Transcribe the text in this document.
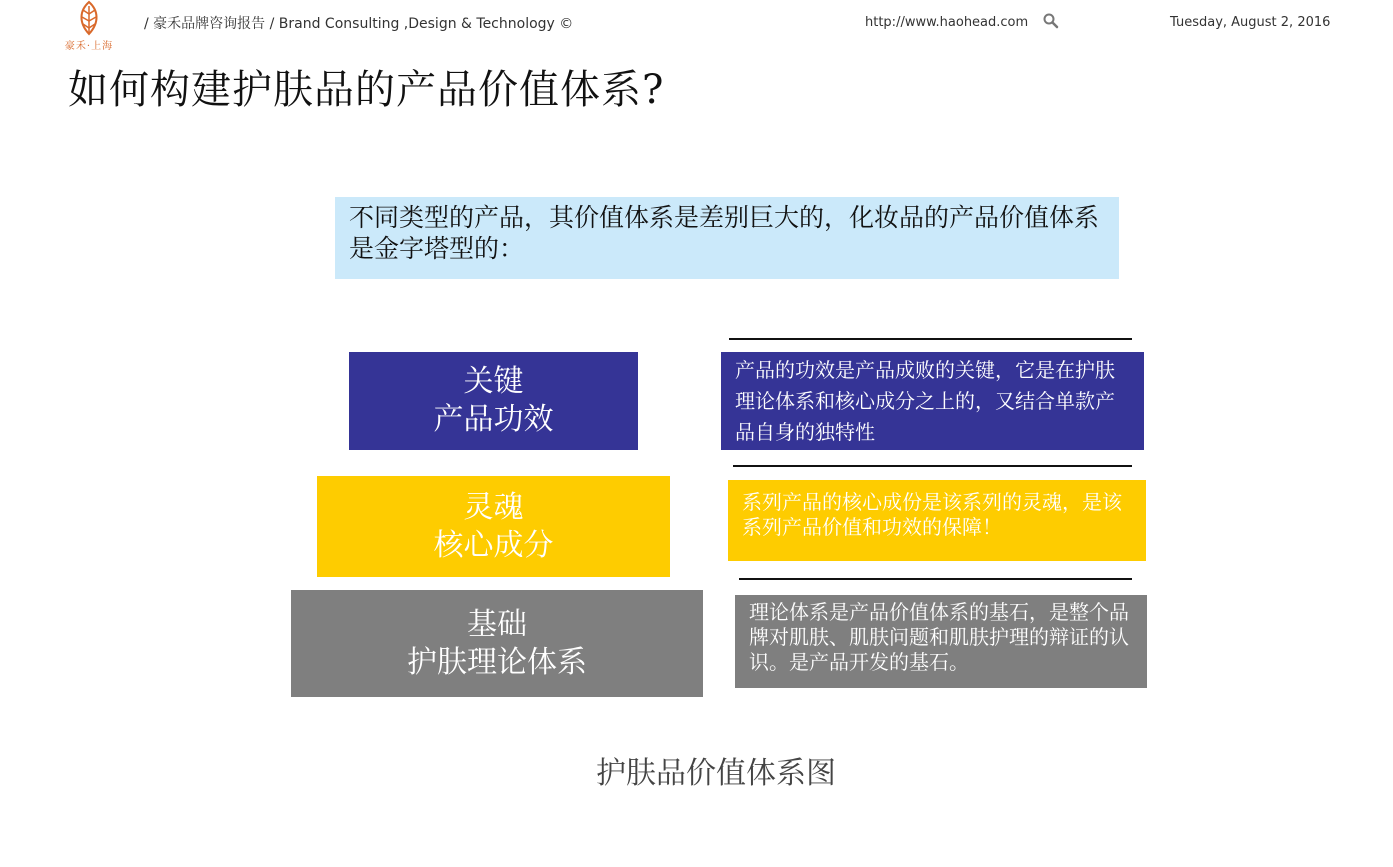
豪禾·上海
/ 豪禾品牌咨询报告 / Brand Consulting ,Design & Technology ©	http://www.haohead.com	Tuesday, August 2, 2016
如何构建护肤品的产品价值体系?
不同类型的产品，其价值体系是差别巨大的，化妆品的产品价值体系是金字塔型的：
关键
产品功效
灵魂
核心成分
基础
护肤理论体系
产品的功效是产品成败的关键，它是在护肤理论体系和核心成分之上的，又结合单款产品自身的独特性
系列产品的核心成份是该系列的灵魂，是该系列产品价值和功效的保障！
理论体系是产品价值体系的基石，是整个品牌对肌肤、肌肤问题和肌肤护理的辩证的认识。是产品开发的基石。
护肤品价值体系图
